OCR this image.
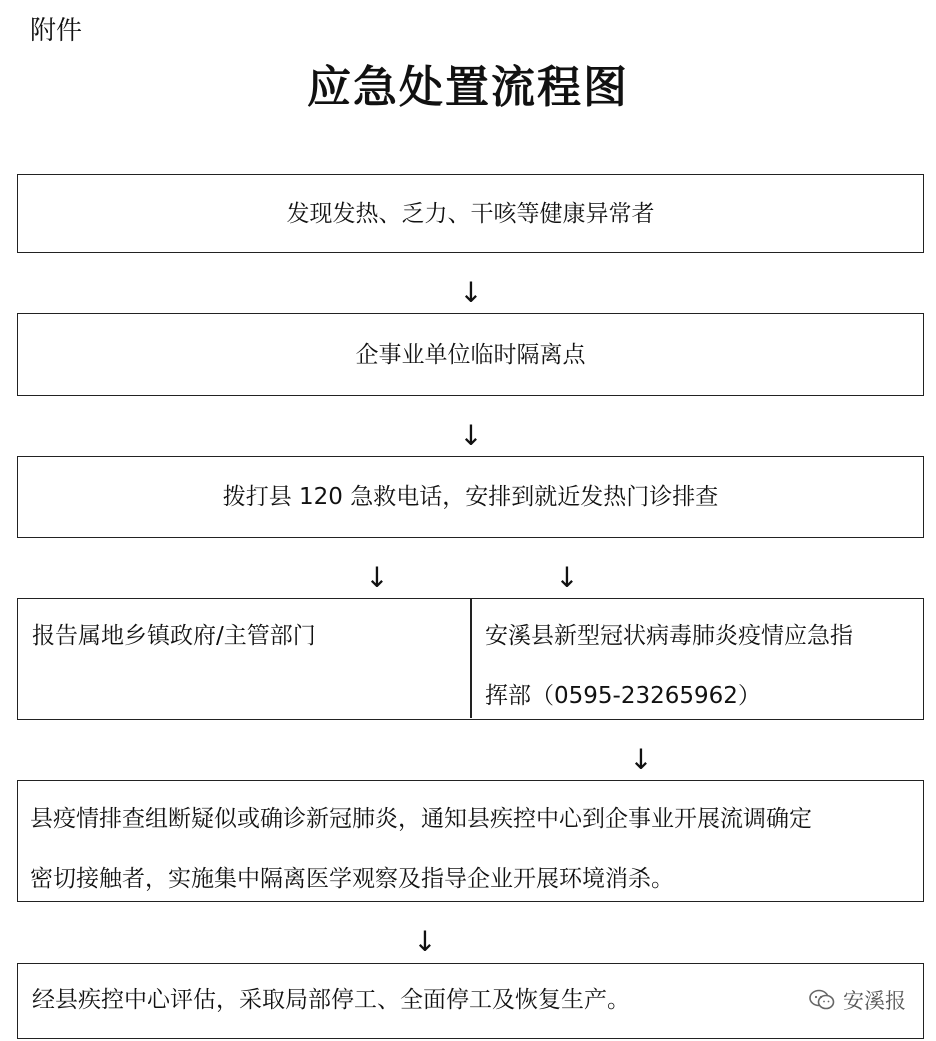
附件
应急处置流程图
发现发热、乏力、干咳等健康异常者
↓
企事业单位临时隔离点
↓
拨打县 120 急救电话，安排到就近发热门诊排查
↓	↓
报告属地乡镇政府/主管部门	安溪县新型冠状病毒肺炎疫情应急指
挥部（0595-23265962）
↓
县疫情排查组断疑似或确诊新冠肺炎，通知县疾控中心到企事业开展流调确定
密切接触者，实施集中隔离医学观察及指导企业开展环境消杀。
↓
经县疾控中心评估，采取局部停工、全面停工及恢复生产。	安溪报
